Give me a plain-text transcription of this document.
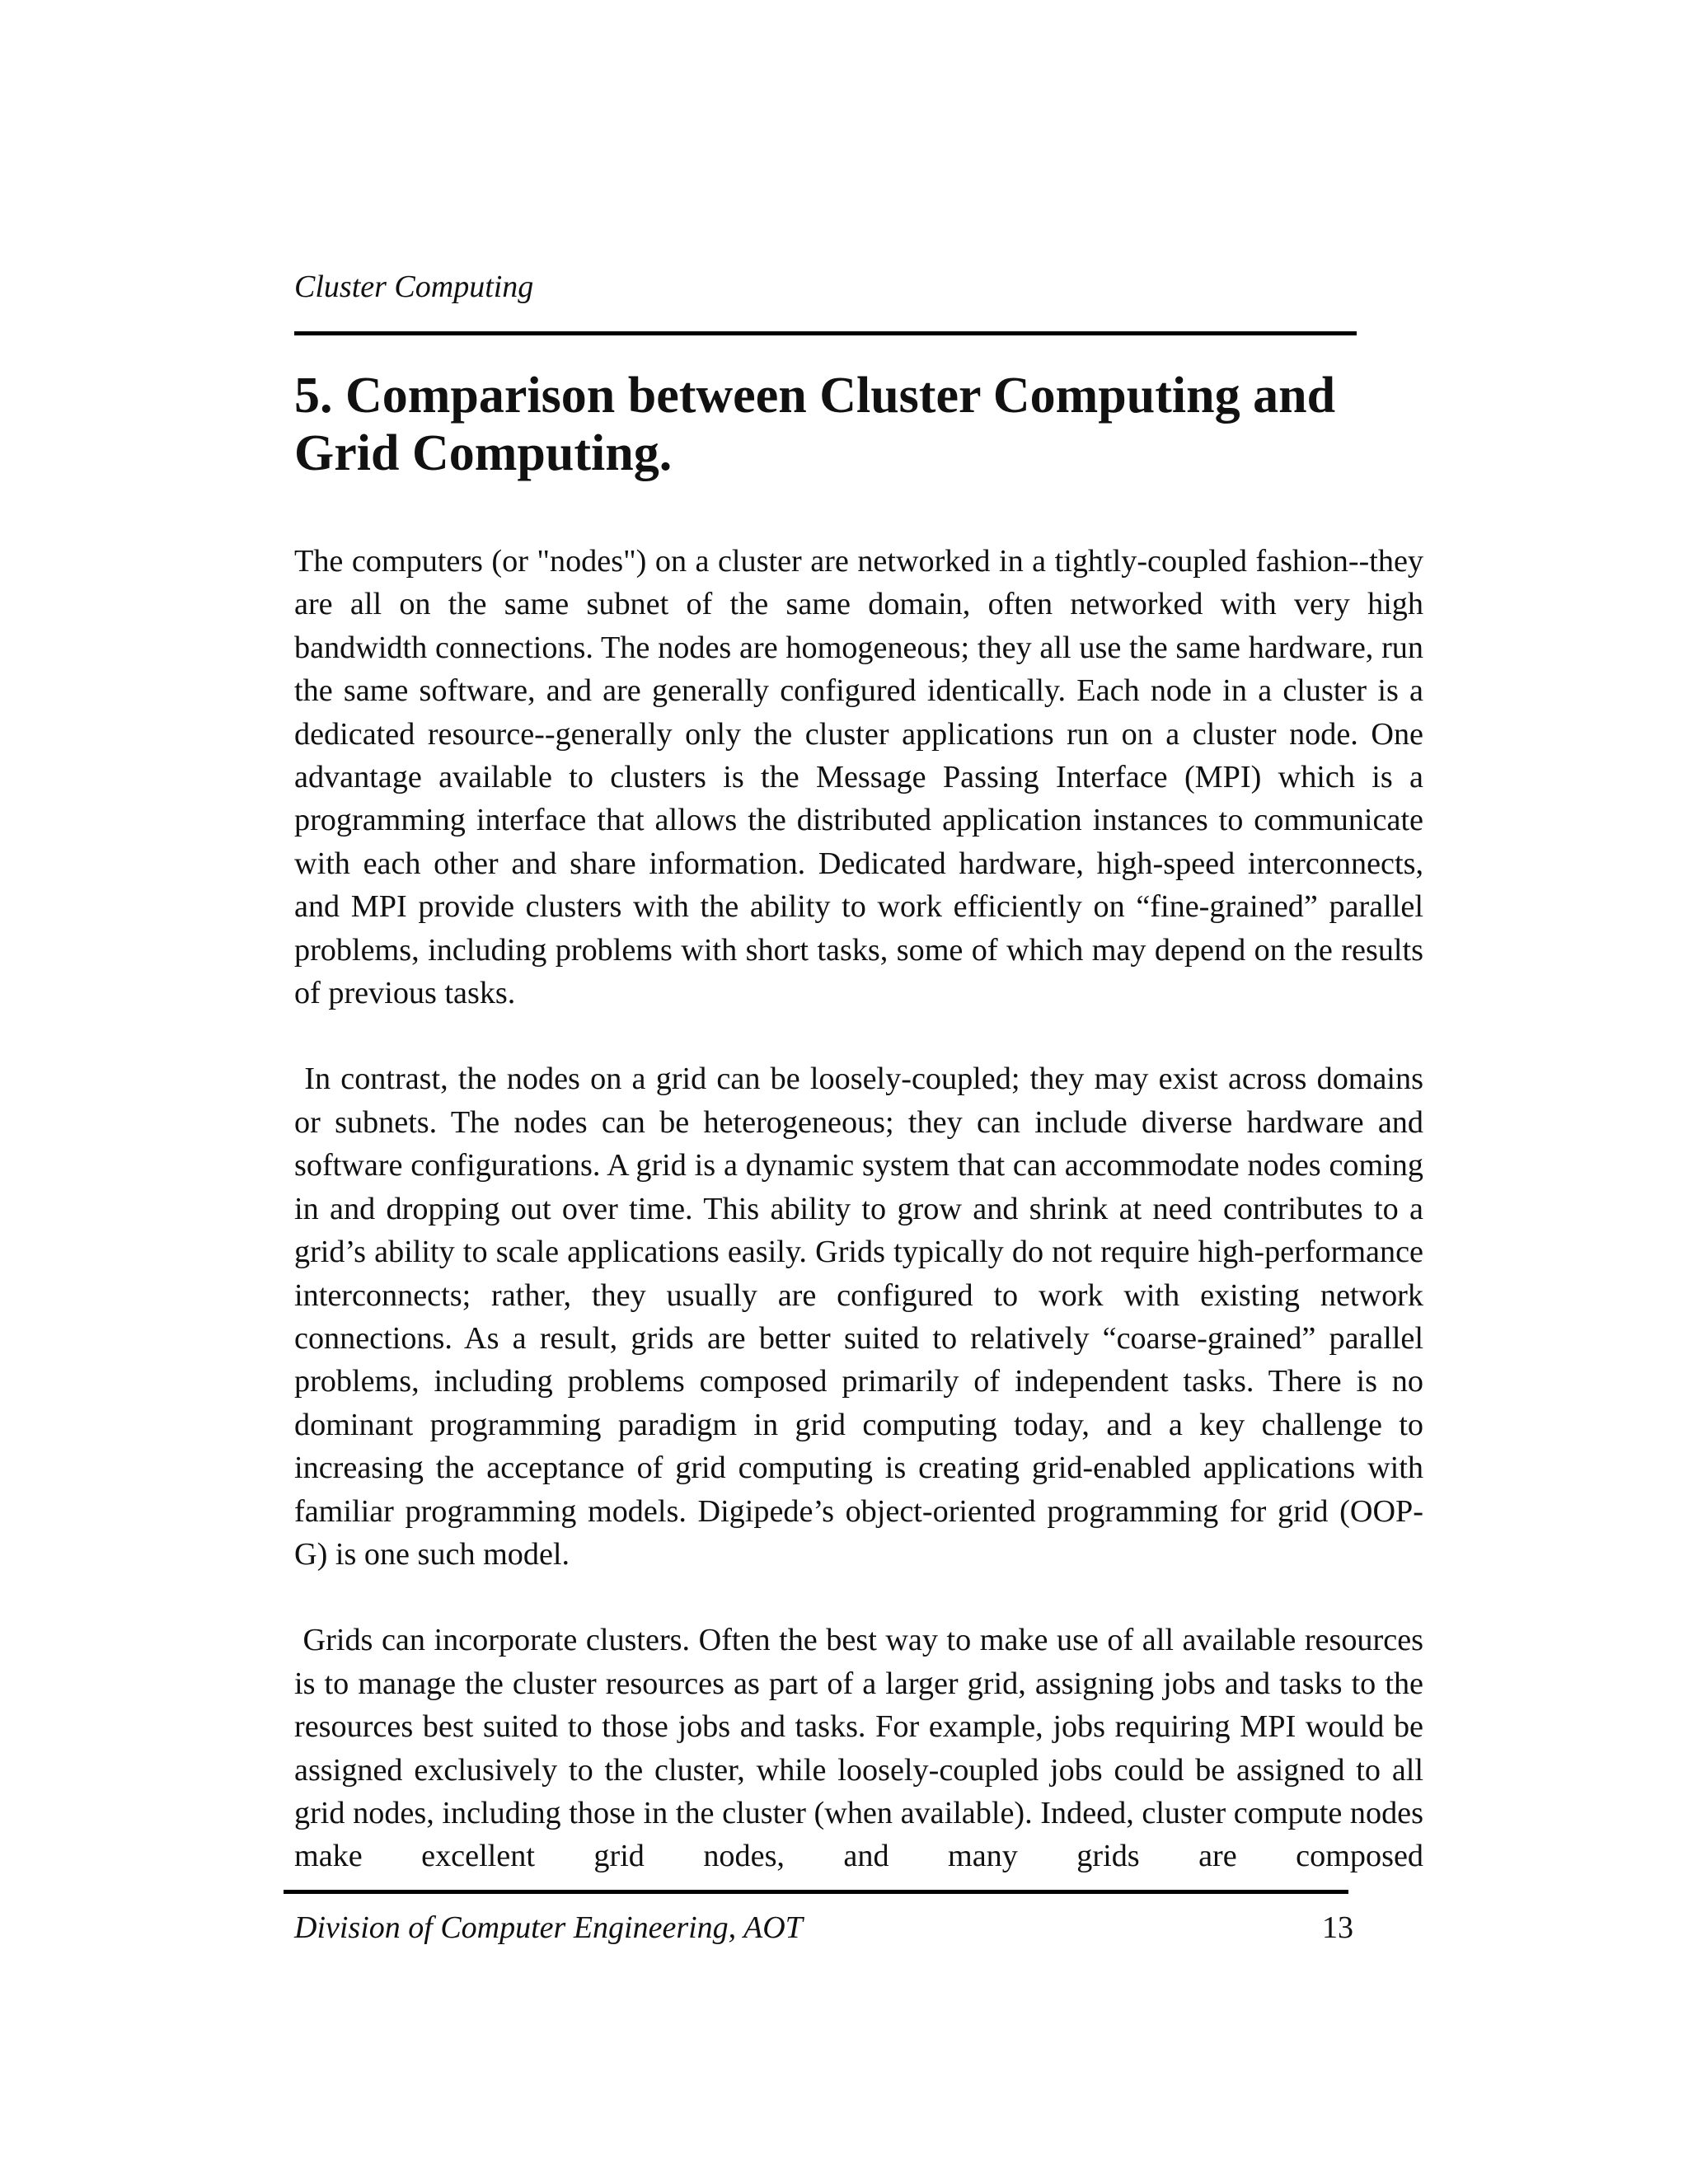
Cluster Computing
5. Comparison between Cluster Computing and Grid Computing.

The computers (or "nodes") on a cluster are networked in a tightly-coupled fashion--they are all on the same subnet of the same domain, often networked with very high bandwidth connections. The nodes are homogeneous; they all use the same hardware, run the same software, and are generally configured identically. Each node in a cluster is a dedicated resource--generally only the cluster applications run on a cluster node. One advantage available to clusters is the Message Passing Interface (MPI) which is a programming interface that allows the distributed application instances to communicate with each other and share information. Dedicated hardware, high-speed interconnects, and MPI provide clusters with the ability to work efficiently on “fine-grained” parallel problems, including problems with short tasks, some of which may depend on the results of previous tasks.

In contrast, the nodes on a grid can be loosely-coupled; they may exist across domains or subnets. The nodes can be heterogeneous; they can include diverse hardware and software configurations. A grid is a dynamic system that can accommodate nodes coming in and dropping out over time. This ability to grow and shrink at need contributes to a grid’s ability to scale applications easily. Grids typically do not require high-performance interconnects; rather, they usually are configured to work with existing network connections. As a result, grids are better suited to relatively “coarse-grained” parallel problems, including problems composed primarily of independent tasks. There is no dominant programming paradigm in grid computing today, and a key challenge to increasing the acceptance of grid computing is creating grid-enabled applications with familiar programming models. Digipede’s object-oriented programming for grid (OOP-G) is one such model.

Grids can incorporate clusters. Often the best way to make use of all available resources is to manage the cluster resources as part of a larger grid, assigning jobs and tasks to the resources best suited to those jobs and tasks. For example, jobs requiring MPI would be assigned exclusively to the cluster, while loosely-coupled jobs could be assigned to all grid nodes, including those in the cluster (when available). Indeed, cluster compute nodes make excellent grid nodes, and many grids are composed

Division of Computer Engineering, AOT	13
